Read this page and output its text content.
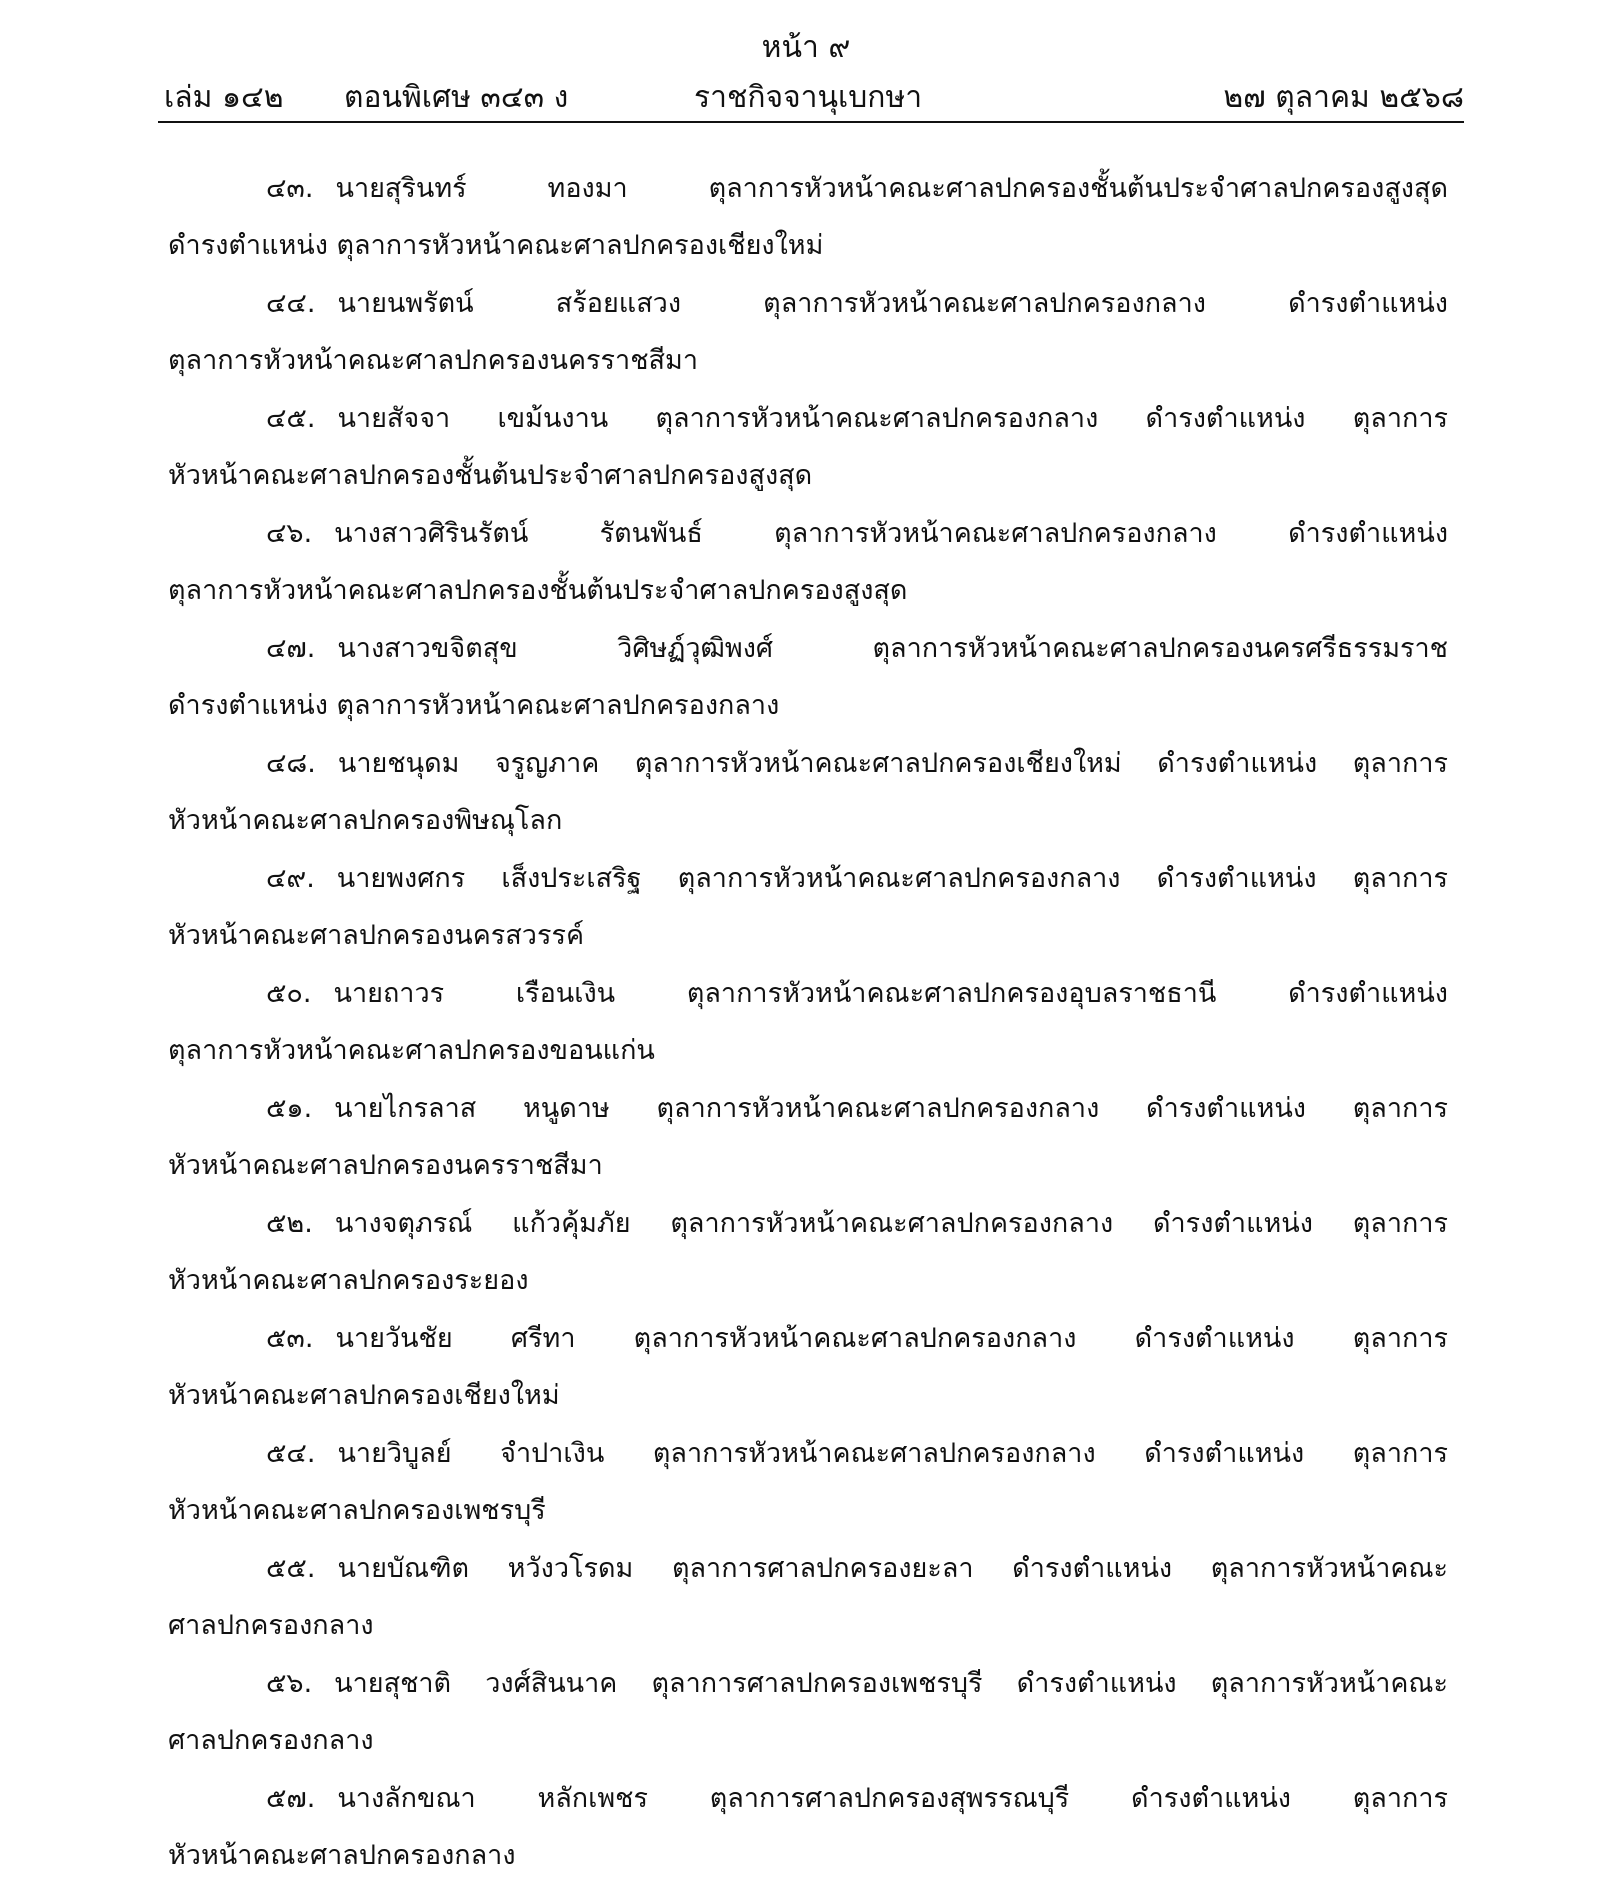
หน้า ๙
เล่ม ๑๔๒ ตอนพิเศษ ๓๔๓ ง	ราชกิจจานุเบกษา	๒๗ ตุลาคม ๒๕๖๘
๔๓. นายสุรินทร์ ทองมา ตุลาการหัวหน้าคณะศาลปกครองชั้นต้นประจำศาลปกครองสูงสุด
ดำรงตำแหน่ง ตุลาการหัวหน้าคณะศาลปกครองเชียงใหม่
๔๔. นายนพรัตน์ สร้อยแสวง ตุลาการหัวหน้าคณะศาลปกครองกลาง ดำรงตำแหน่ง
ตุลาการหัวหน้าคณะศาลปกครองนครราชสีมา
๔๕. นายสัจจา เขม้นงาน ตุลาการหัวหน้าคณะศาลปกครองกลาง ดำรงตำแหน่ง ตุลาการ
หัวหน้าคณะศาลปกครองชั้นต้นประจำศาลปกครองสูงสุด
๔๖. นางสาวศิรินรัตน์ รัตนพันธ์ ตุลาการหัวหน้าคณะศาลปกครองกลาง ดำรงตำแหน่ง
ตุลาการหัวหน้าคณะศาลปกครองชั้นต้นประจำศาลปกครองสูงสุด
๔๗. นางสาวขจิตสุข วิศิษฏ์วุฒิพงศ์ ตุลาการหัวหน้าคณะศาลปกครองนครศรีธรรมราช
ดำรงตำแหน่ง ตุลาการหัวหน้าคณะศาลปกครองกลาง
๔๘. นายชนุดม จรูญภาค ตุลาการหัวหน้าคณะศาลปกครองเชียงใหม่ ดำรงตำแหน่ง ตุลาการ
หัวหน้าคณะศาลปกครองพิษณุโลก
๔๙. นายพงศกร เส็งประเสริฐ ตุลาการหัวหน้าคณะศาลปกครองกลาง ดำรงตำแหน่ง ตุลาการ
หัวหน้าคณะศาลปกครองนครสวรรค์
๕๐. นายถาวร เรือนเงิน ตุลาการหัวหน้าคณะศาลปกครองอุบลราชธานี ดำรงตำแหน่ง
ตุลาการหัวหน้าคณะศาลปกครองขอนแก่น
๕๑. นายไกรลาส หนูดาษ ตุลาการหัวหน้าคณะศาลปกครองกลาง ดำรงตำแหน่ง ตุลาการ
หัวหน้าคณะศาลปกครองนครราชสีมา
๕๒. นางจตุภรณ์ แก้วคุ้มภัย ตุลาการหัวหน้าคณะศาลปกครองกลาง ดำรงตำแหน่ง ตุลาการ
หัวหน้าคณะศาลปกครองระยอง
๕๓. นายวันชัย ศรีทา ตุลาการหัวหน้าคณะศาลปกครองกลาง ดำรงตำแหน่ง ตุลาการ
หัวหน้าคณะศาลปกครองเชียงใหม่
๕๔. นายวิบูลย์ จำปาเงิน ตุลาการหัวหน้าคณะศาลปกครองกลาง ดำรงตำแหน่ง ตุลาการ
หัวหน้าคณะศาลปกครองเพชรบุรี
๕๕. นายบัณฑิต หวังวโรดม ตุลาการศาลปกครองยะลา ดำรงตำแหน่ง ตุลาการหัวหน้าคณะ
ศาลปกครองกลาง
๕๖. นายสุชาติ วงศ์สินนาค ตุลาการศาลปกครองเพชรบุรี ดำรงตำแหน่ง ตุลาการหัวหน้าคณะ
ศาลปกครองกลาง
๕๗. นางลักขณา หลักเพชร ตุลาการศาลปกครองสุพรรณบุรี ดำรงตำแหน่ง ตุลาการ
หัวหน้าคณะศาลปกครองกลาง
